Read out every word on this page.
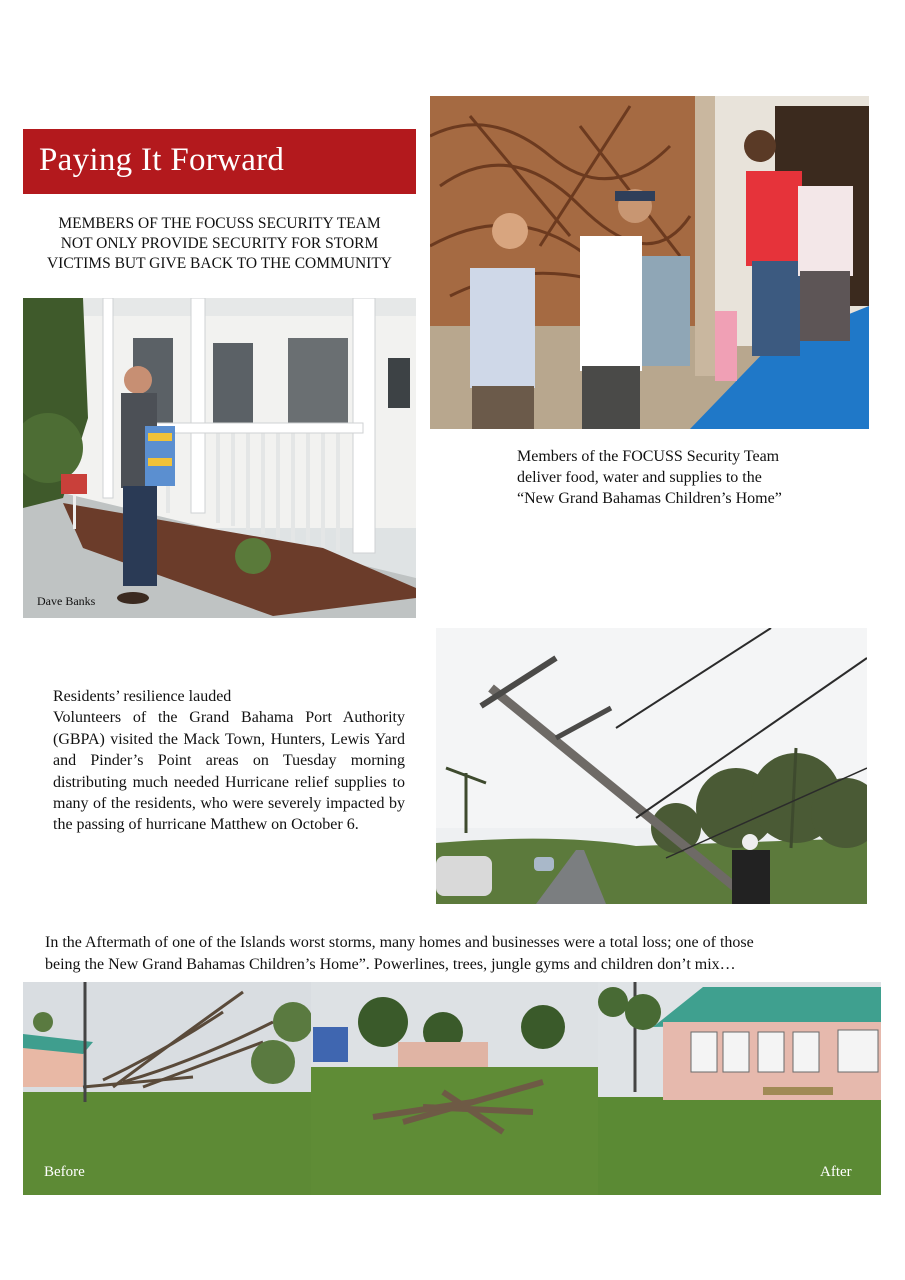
Paying It Forward
MEMBERS OF THE FOCUSS SECURITY TEAM
NOT ONLY PROVIDE SECURITY FOR STORM
VICTIMS BUT GIVE BACK TO THE COMMUNITY
Dave Banks
Members of the FOCUSS Security Team
deliver food, water and supplies to the
“New Grand Bahamas Children’s Home”
Residents’ resilience lauded
Volunteers of the Grand Bahama Port Authority (GBPA) visited the Mack Town, Hunters, Lewis Yard and Pinder’s Point areas on Tuesday morning distributing much needed Hurricane relief supplies to many of the residents, who were severely impacted by the passing of hurricane Matthew on October 6.
In the Aftermath of one of the Islands worst storms, many homes and businesses were a total loss; one of those
being the New Grand Bahamas Children’s Home”. Powerlines, trees, jungle gyms and children don’t mix…
Before	After
